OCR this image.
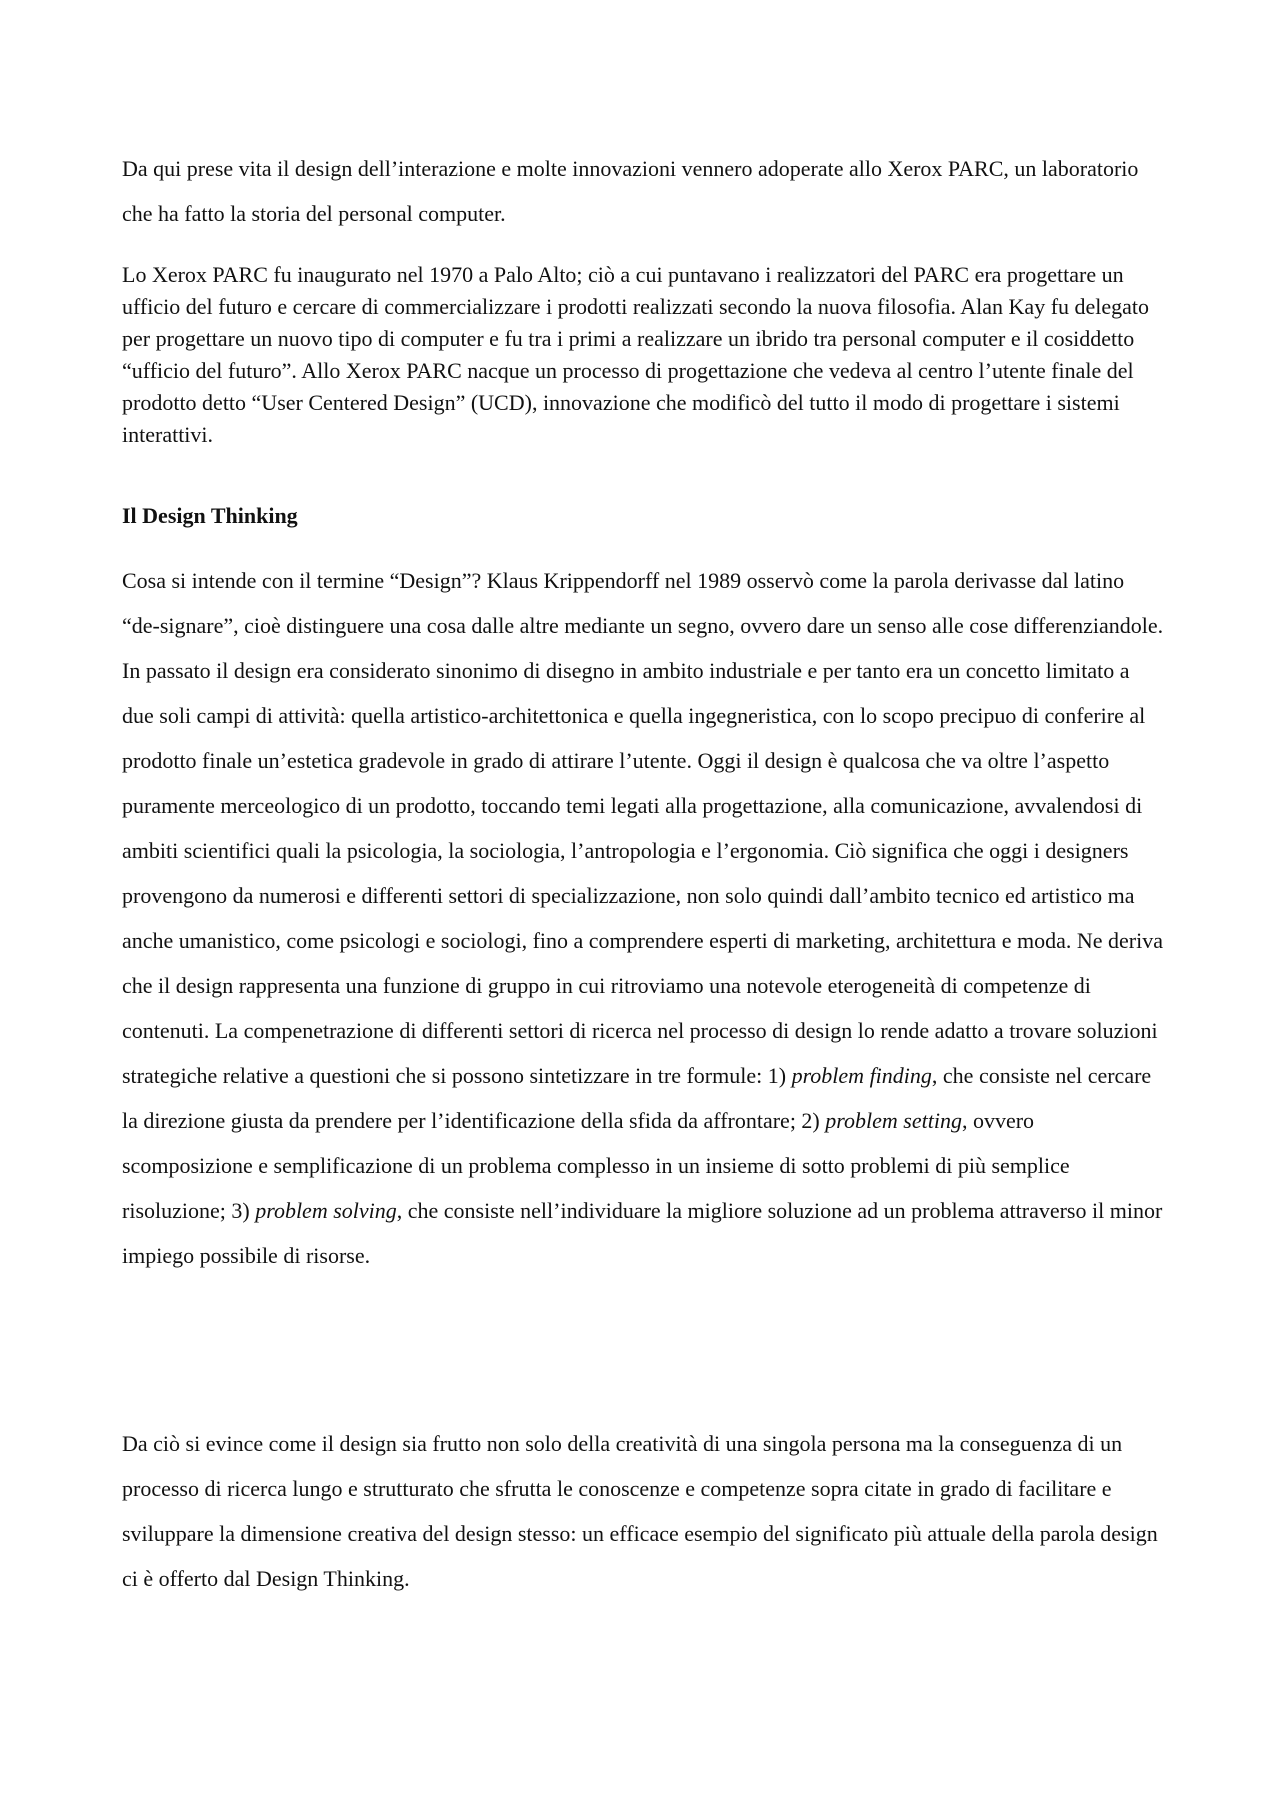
Da qui prese vita il design dell’interazione e molte innovazioni vennero adoperate allo Xerox PARC, un laboratorio che ha fatto la storia del personal computer.

Lo Xerox PARC fu inaugurato nel 1970 a Palo Alto; ciò a cui puntavano i realizzatori del PARC era progettare un ufficio del futuro e cercare di commercializzare i prodotti realizzati secondo la nuova filosofia. Alan Kay fu delegato per progettare un nuovo tipo di computer e fu tra i primi a realizzare un ibrido tra personal computer e il cosiddetto “ufficio del futuro”. Allo Xerox PARC nacque un processo di progettazione che vedeva al centro l’utente finale del prodotto detto “User Centered Design” (UCD), innovazione che modificò del tutto il modo di progettare i sistemi interattivi.

Il Design Thinking

Cosa si intende con il termine “Design”? Klaus Krippendorff nel 1989 osservò come la parola derivasse dal latino “de-signare”, cioè distinguere una cosa dalle altre mediante un segno, ovvero dare un senso alle cose differenziandole. In passato il design era considerato sinonimo di disegno in ambito industriale e per tanto era un concetto limitato a due soli campi di attività: quella artistico-architettonica e quella ingegneristica, con lo scopo precipuo di conferire al prodotto finale un’estetica gradevole in grado di attirare l’utente. Oggi il design è qualcosa che va oltre l’aspetto puramente merceologico di un prodotto, toccando temi legati alla progettazione, alla comunicazione, avvalendosi di ambiti scientifici quali la psicologia, la sociologia, l’antropologia e l’ergonomia. Ciò significa che oggi i designers provengono da numerosi e differenti settori di specializzazione, non solo quindi dall’ambito tecnico ed artistico ma anche umanistico, come psicologi e sociologi, fino a comprendere esperti di marketing, architettura e moda. Ne deriva che il design rappresenta una funzione di gruppo in cui ritroviamo una notevole eterogeneità di competenze di contenuti. La compenetrazione di differenti settori di ricerca nel processo di design lo rende adatto a trovare soluzioni strategiche relative a questioni che si possono sintetizzare in tre formule: 1) problem finding, che consiste nel cercare la direzione giusta da prendere per l’identificazione della sfida da affrontare; 2) problem setting, ovvero scomposizione e semplificazione di un problema complesso in un insieme di sotto problemi di più semplice risoluzione; 3) problem solving, che consiste nell’individuare la migliore soluzione ad un problema attraverso il minor impiego possibile di risorse.

Da ciò si evince come il design sia frutto non solo della creatività di una singola persona ma la conseguenza di un processo di ricerca lungo e strutturato che sfrutta le conoscenze e competenze sopra citate in grado di facilitare e sviluppare la dimensione creativa del design stesso: un efficace esempio del significato più attuale della parola design ci è offerto dal Design Thinking.
